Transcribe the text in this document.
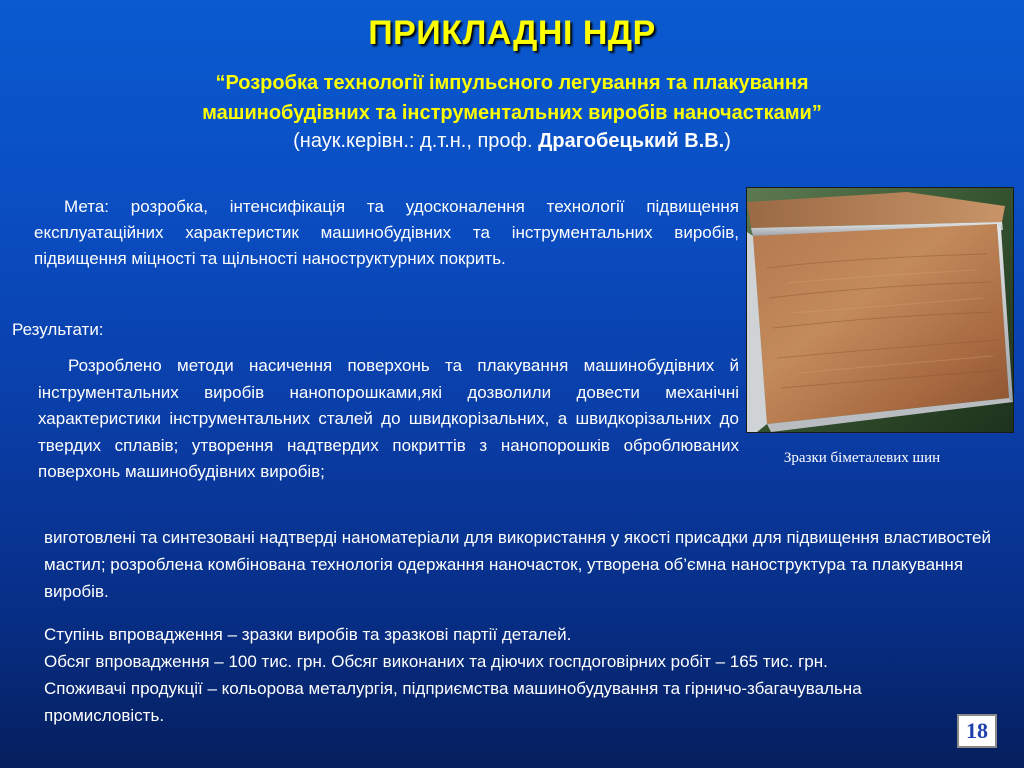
ПРИКЛАДНІ НДР
“Розробка технології імпульсного легування та плакування
машинобудівних та інструментальних виробів наночастками”
(наук.керівн.: д.т.н., проф. Драгобецький В.В.)

Мета: розробка, інтенсифікація та удосконалення технології підвищення експлуатаційних характеристик машинобудівних та інструментальних виробів, підвищення міцності та щільності наноструктурних покрить.

Результати:

Розроблено методи насичення поверхонь та плакування машинобудівних й інструментальних виробів нанопорошками,які дозволили довести механічні характеристики інструментальних сталей до швидкорізальних, а швидкорізальних до твердих сплавів; утворення надтвердих покриттів з нанопорошків оброблюваних поверхонь машинобудівних виробів;

виготовлені та синтезовані надтверді наноматеріали для використання у якості присадки для підвищення властивостей мастил; розроблена комбінована технологія одержання наночасток, утворена об’ємна наноструктура та плакування виробів.

Ступінь впровадження – зразки виробів та зразкові партії деталей.
Обсяг впровадження – 100 тис. грн. Обсяг виконаних та діючих госпдоговірних робіт – 165 тис. грн.
Споживачі продукції – кольорова металургія, підприємства машинобудування та гірничо-збагачувальна промисловість.
Зразки біметалевих шин
18
